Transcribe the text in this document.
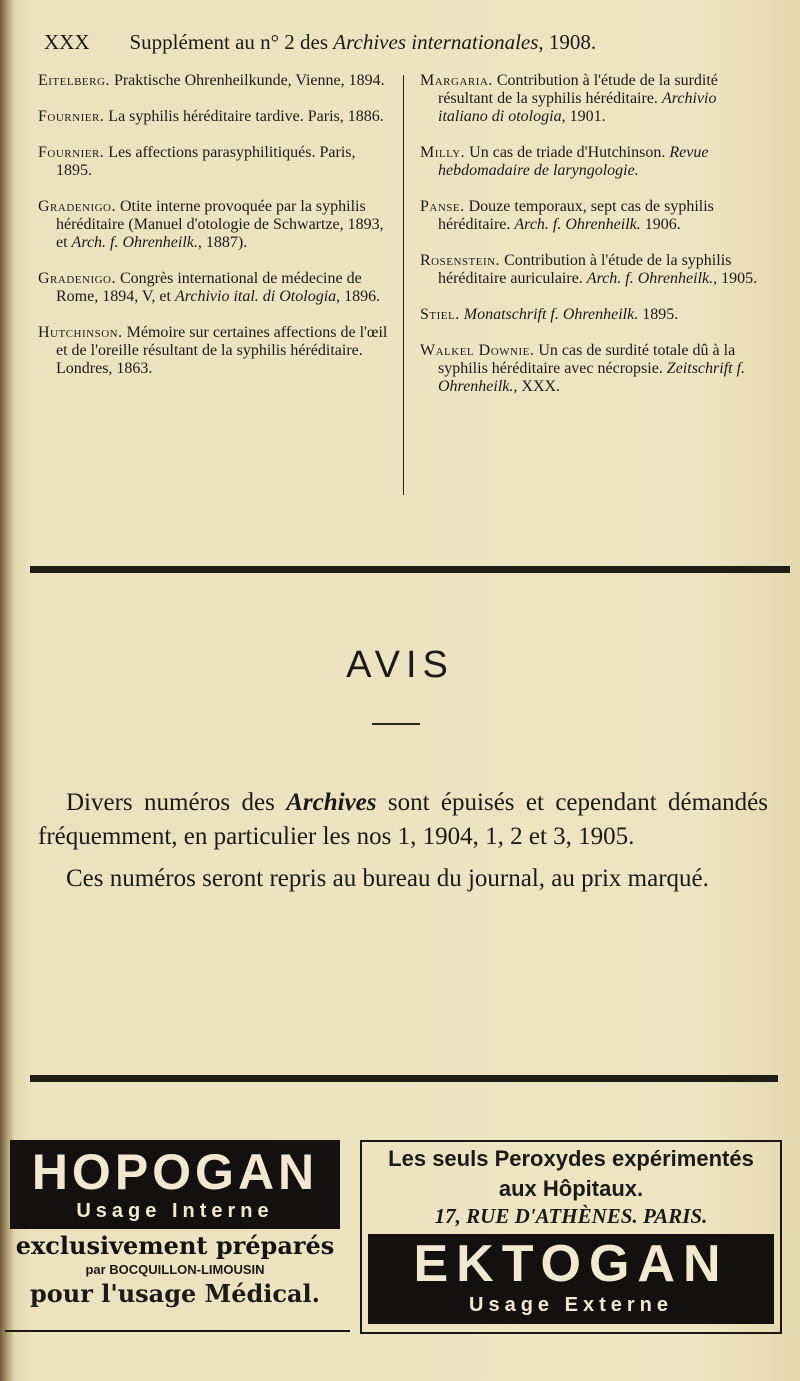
XXX Supplément au n° 2 des Archives internationales, 1908.

Eitelberg. Praktische Ohrenheilkunde, Vienne, 1894.

Fournier. La syphilis héréditaire tardive. Paris, 1886.

Fournier. Les affections parasyphilitiqués. Paris, 1895.

Gradenigo. Otite interne provoquée par la syphilis héréditaire (Manuel d'otologie de Schwartze, 1893, et Arch. f. Ohrenheilk., 1887).

Gradenigo. Congrès international de médecine de Rome, 1894, V, et Archivio ital. di Otologia, 1896.

Hutchinson. Mémoire sur certaines affections de l'œil et de l'oreille résultant de la syphilis héréditaire. Londres, 1863.

Margaria. Contribution à l'étude de la surdité résultant de la syphilis héréditaire. Archivio italiano di otologia, 1901.

Milly. Un cas de triade d'Hutchinson. Revue hebdomadaire de laryngologie.

Panse. Douze temporaux, sept cas de syphilis héréditaire. Arch. f. Ohrenheilk. 1906.

Rosenstein. Contribution à l'étude de la syphilis héréditaire auriculaire. Arch. f. Ohrenheilk., 1905.

Stiel. Monatschrift f. Ohrenheilk. 1895.

Walkel Downie. Un cas de surdité totale dû à la syphilis héréditaire avec nécropsie. Zeitschrift f. Ohrenheilk., XXX.

AVIS

Divers numéros des Archives sont épuisés et cependant démandés fréquemment, en particulier les nos 1, 1904, 1, 2 et 3, 1905.

Ces numéros seront repris au bureau du journal, au prix marqué.

HOPOGAN
Usage Interne
exclusivement préparés
par BOCQUILLON-LIMOUSIN
pour l'usage Médical.
Les seuls Peroxydes expérimentés
aux Hôpitaux.
17, RUE D'ATHÈNES. PARIS.
EKTOGAN
Usage Externe
